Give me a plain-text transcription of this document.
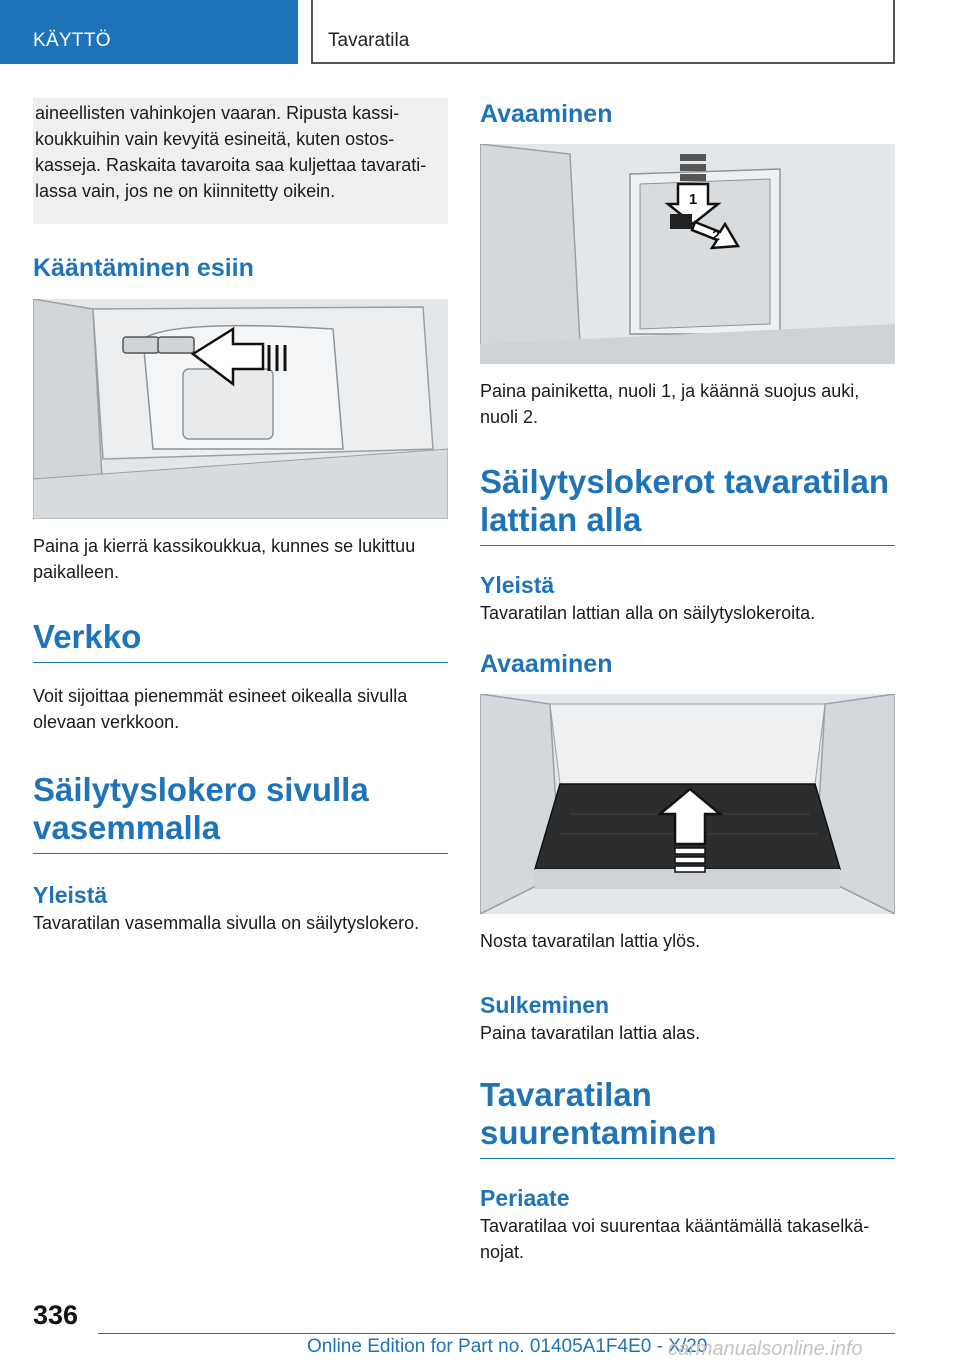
KÄYTTÖ	Tavaratila

aineellisten vahinkojen vaaran. Ripusta kassi-koukkuihin vain kevyitä esineitä, kuten ostos-kasseja. Raskaita tavaroita saa kuljettaa tavarati-lassa vain, jos ne on kiinnitetty oikein.

Kääntäminen esiin

Paina ja kierrä kassikoukkua, kunnes se lukittuu paikalleen.

Verkko

Voit sijoittaa pienemmät esineet oikealla sivulla olevaan verkkoon.

Säilytyslokero sivulla vasemmalla
Yleistä

Tavaratilan vasemmalla sivulla on säilytyslokero.

Avaaminen
1
2

Paina painiketta, nuoli 1, ja käännä suojus auki, nuoli 2.

Säilytyslokerot tavaratilan lattian alla
Yleistä

Tavaratilan lattian alla on säilytyslokeroita.

Avaaminen

Nosta tavaratilan lattia ylös.

Sulkeminen

Paina tavaratilan lattia alas.

Tavaratilan suurentaminen
Periaate

Tavaratilaa voi suurentaa kääntämällä takaselkä-nojat.

336
Online Edition for Part no. 01405A1F4E0 - X/20
carmanualsonline.info
